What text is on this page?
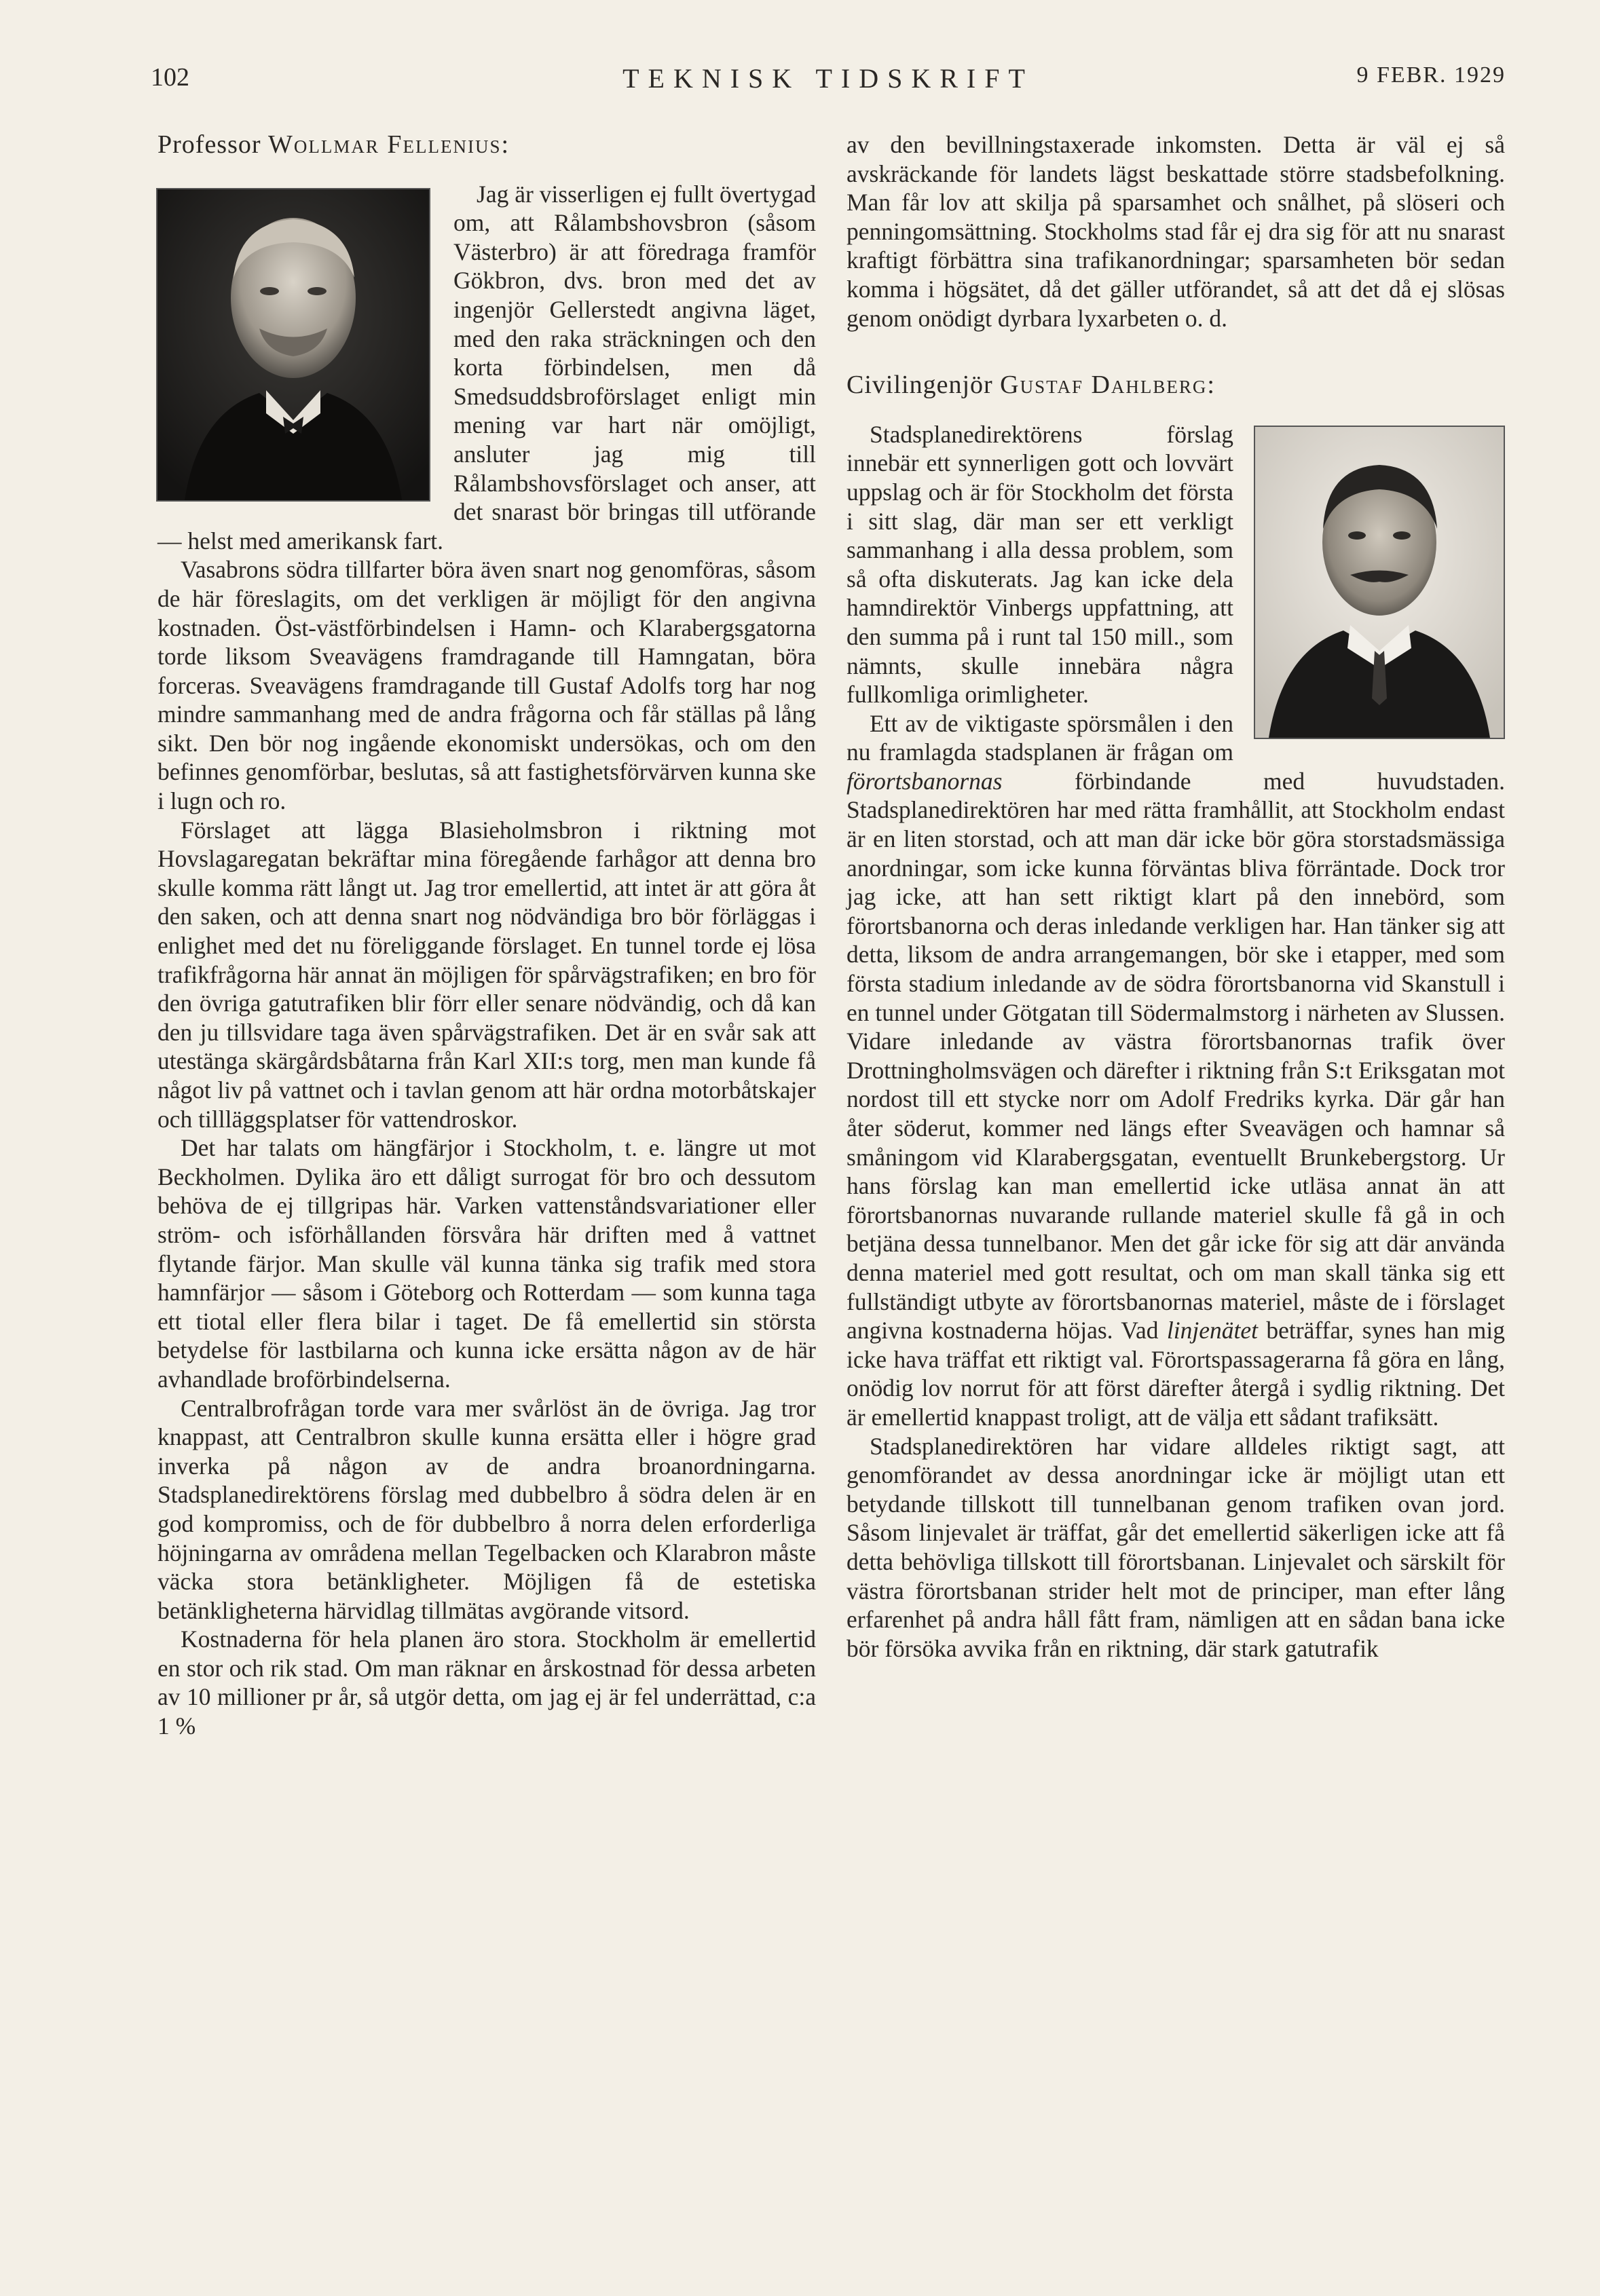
102	TEKNISK TIDSKRIFT	9 FEBR. 1929
Professor Wollmar Fellenius:

Jag är visserligen ej fullt övertygad om, att Rålambshovsbron (såsom Västerbro) är att föredraga framför Gökbron, dvs. bron med det av ingenjör Gellerstedt angivna läget, med den raka sträckningen och den korta förbindelsen, men då Smedsuddsbroförslaget enligt min mening var hart när omöjligt, ansluter jag mig till Rålambshovsförslaget och anser, att det snarast bör bringas till utförande — helst med amerikansk fart.

Vasabrons södra tillfarter böra även snart nog genomföras, såsom de här föreslagits, om det verkligen är möjligt för den angivna kostnaden. Öst-västförbindelsen i Hamn- och Klarabergsgatorna torde liksom Sveavägens framdragande till Hamngatan, böra forceras. Sveavägens framdragande till Gustaf Adolfs torg har nog mindre sammanhang med de andra frågorna och får ställas på lång sikt. Den bör nog ingående ekonomiskt undersökas, och om den befinnes genomförbar, beslutas, så att fastighetsförvärven kunna ske i lugn och ro.

Förslaget att lägga Blasieholmsbron i riktning mot Hovslagaregatan bekräftar mina föregående farhågor att denna bro skulle komma rätt långt ut. Jag tror emellertid, att intet är att göra åt den saken, och att denna snart nog nödvändiga bro bör förläggas i enlighet med det nu föreliggande förslaget. En tunnel torde ej lösa trafikfrågorna här annat än möjligen för spårvägstrafiken; en bro för den övriga gatutrafiken blir förr eller senare nödvändig, och då kan den ju tillsvidare taga även spårvägstrafiken. Det är en svår sak att utestänga skärgårdsbåtarna från Karl XII:s torg, men man kunde få något liv på vattnet och i tavlan genom att här ordna motorbåtskajer och tillläggsplatser för vattendroskor.

Det har talats om hängfärjor i Stockholm, t. e. längre ut mot Beckholmen. Dylika äro ett dåligt surrogat för bro och dessutom behöva de ej tillgripas här. Varken vattenståndsvariationer eller ström- och isförhållanden försvåra här driften med å vattnet flytande färjor. Man skulle väl kunna tänka sig trafik med stora hamnfärjor — såsom i Göteborg och Rotterdam — som kunna taga ett tiotal eller flera bilar i taget. De få emellertid sin största betydelse för lastbilarna och kunna icke ersätta någon av de här avhandlade broförbindelserna.

Centralbrofrågan torde vara mer svårlöst än de övriga. Jag tror knappast, att Centralbron skulle kunna ersätta eller i högre grad inverka på någon av de andra broanordningarna. Stadsplanedirektörens förslag med dubbelbro å södra delen är en god kompromiss, och de för dubbelbro å norra delen erforderliga höjningarna av områdena mellan Tegelbacken och Klarabron måste väcka stora betänkligheter. Möjligen få de estetiska betänkligheterna härvidlag tillmätas avgörande vitsord.

Kostnaderna för hela planen äro stora. Stockholm är emellertid en stor och rik stad. Om man räknar en årskostnad för dessa arbeten av 10 millioner pr år, så utgör detta, om jag ej är fel underrättad, c:a 1 %

av den bevillningstaxerade inkomsten. Detta är väl ej så avskräckande för landets lägst beskattade större stadsbefolkning. Man får lov att skilja på sparsamhet och snålhet, på slöseri och penningomsättning. Stockholms stad får ej dra sig för att nu snarast kraftigt förbättra sina trafikanordningar; sparsamheten bör sedan komma i högsätet, då det gäller utförandet, så att det då ej slösas genom onödigt dyrbara lyxarbeten o. d.

Civilingenjör Gustaf Dahlberg:

Stadsplanedirektörens förslag innebär ett synnerligen gott och lovvärt uppslag och är för Stockholm det första i sitt slag, där man ser ett verkligt sammanhang i alla dessa problem, som så ofta diskuterats. Jag kan icke dela hamndirektör Vinbergs uppfattning, att den summa på i runt tal 150 mill., som nämnts, skulle innebära några fullkomliga orimligheter.

Ett av de viktigaste spörsmålen i den nu framlagda stadsplanen är frågan om förortsbanornas förbindande med huvudstaden. Stadsplanedirektören har med rätta framhållit, att Stockholm endast är en liten storstad, och att man där icke bör göra storstadsmässiga anordningar, som icke kunna förväntas bliva förräntade. Dock tror jag icke, att han sett riktigt klart på den innebörd, som förortsbanorna och deras inledande verkligen har. Han tänker sig att detta, liksom de andra arrangemangen, bör ske i etapper, med som första stadium inledande av de södra förortsbanorna vid Skanstull i en tunnel under Götgatan till Södermalmstorg i närheten av Slussen. Vidare inledande av västra förortsbanornas trafik över Drottningholmsvägen och därefter i riktning från S:t Eriksgatan mot nordost till ett stycke norr om Adolf Fredriks kyrka. Där går han åter söderut, kommer ned längs efter Sveavägen och hamnar så småningom vid Klarabergsgatan, eventuellt Brunkebergstorg. Ur hans förslag kan man emellertid icke utläsa annat än att förortsbanornas nuvarande rullande materiel skulle få gå in och betjäna dessa tunnelbanor. Men det går icke för sig att där använda denna materiel med gott resultat, och om man skall tänka sig ett fullständigt utbyte av förortsbanornas materiel, måste de i förslaget angivna kostnaderna höjas. Vad linjenätet beträffar, synes han mig icke hava träffat ett riktigt val. Förortspassagerarna få göra en lång, onödig lov norrut för att först därefter återgå i sydlig riktning. Det är emellertid knappast troligt, att de välja ett sådant trafiksätt.

Stadsplanedirektören har vidare alldeles riktigt sagt, att genomförandet av dessa anordningar icke är möjligt utan ett betydande tillskott till tunnelbanan genom trafiken ovan jord. Såsom linjevalet är träffat, går det emellertid säkerligen icke att få detta behövliga tillskott till förortsbanan. Linjevalet och särskilt för västra förortsbanan strider helt mot de principer, man efter lång erfarenhet på andra håll fått fram, nämligen att en sådan bana icke bör försöka avvika från en riktning, där stark gatutrafik
